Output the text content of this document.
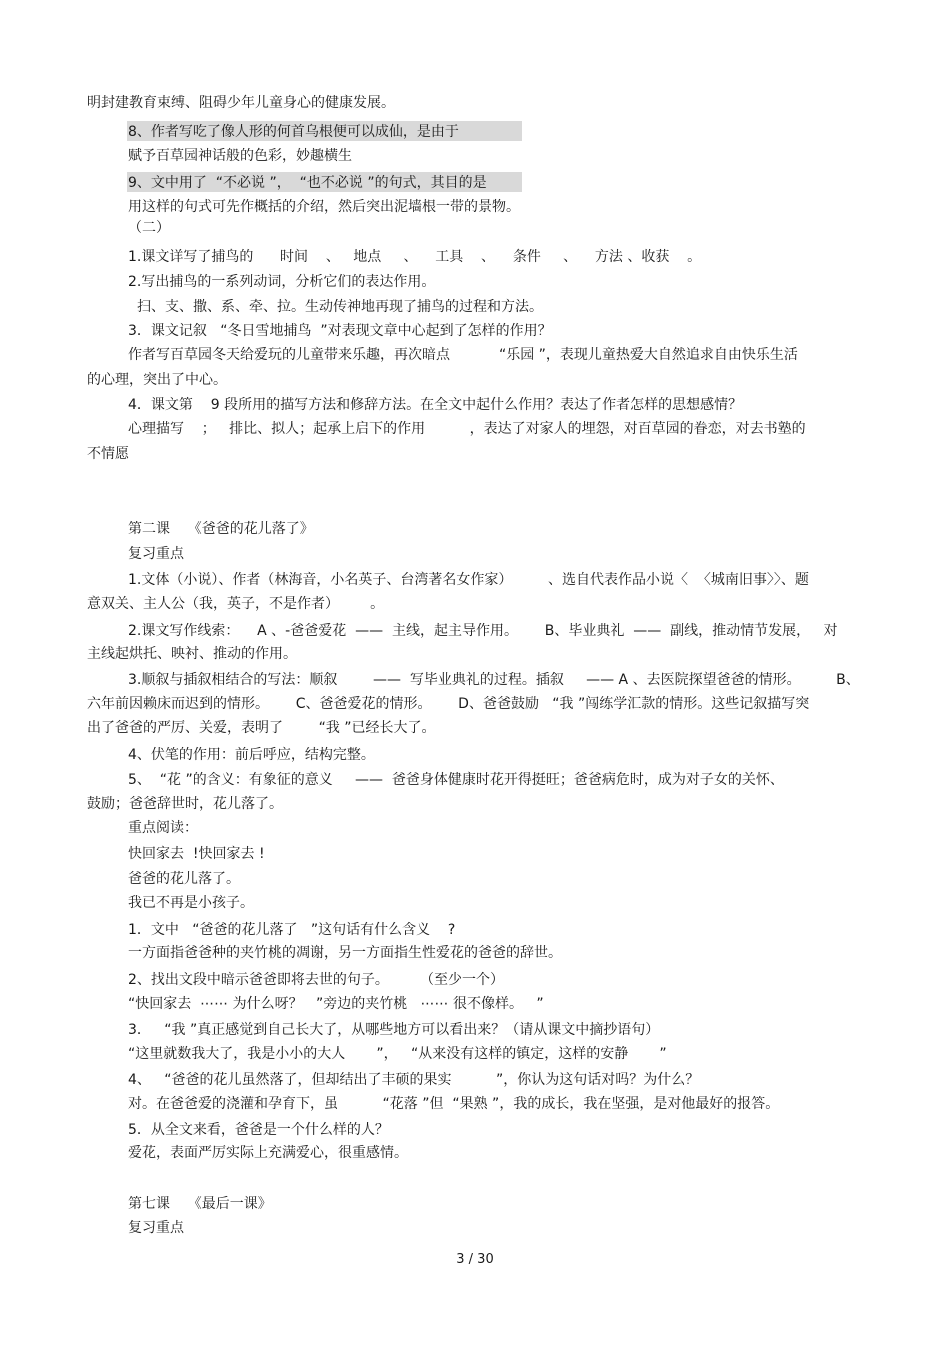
明封建教育束缚、阻碍少年儿童身心的健康发展。
8、作者写吃了像人形的何首乌根便可以成仙，是由于
赋予百草园神话般的色彩，妙趣横生
9、文中用了  “不必说 ”，  “也不必说 ”的句式，其目的是
用这样的句式可先作概括的介绍，然后突出泥墙根一带的景物。
（二）
1.课文详写了捕鸟的      时间    、   地点     、    工具    、    条件     、    方法 、收获    。
2.写出捕鸟的一系列动词，分析它们的表达作用。
扫、支、撒、系、牵、拉。生动传神地再现了捕鸟的过程和方法。
3．课文记叙   “冬日雪地捕鸟  ”对表现文章中心起到了怎样的作用？
作者写百草园冬天给爱玩的儿童带来乐趣，再次暗点           “乐园 ”，表现儿童热爱大自然追求自由快乐生活
的心理，突出了中心。
4．课文第    9 段所用的描写方法和修辞方法。在全文中起什么作用？表达了作者怎样的思想感情？
心理描写    ；   排比、拟人；起承上启下的作用          ，表达了对家人的埋怨，对百草园的眷恋，对去书塾的
不情愿
第二课    《爸爸的花儿落了》
复习重点
1.文体（小说）、作者（林海音，小名英子、台湾著名女作家）        、选自代表作品小说〈  〈城南旧事〉〉、题
意双关、主人公（我，英子，不是作者）       。
2.课文写作线索：    A 、-爸爸爱花  ——  主线，起主导作用。      B、毕业典礼  ——  副线，推动情节发展，   对
主线起烘托、映衬、推动的作用。
3.顺叙与插叙相结合的写法：顺叙        ——  写毕业典礼的过程。插叙     —— A 、去医院探望爸爸的情形。        B、
六年前因赖床而迟到的情形。      C、爸爸爱花的情形。      D、爸爸鼓励   “我 ”闯练学汇款的情形。这些记叙描写突
出了爸爸的严厉、关爱，表明了        “我 ”已经长大了。
4、伏笔的作用：前后呼应，结构完整。
5、  “花 ”的含义：有象征的意义     ——  爸爸身体健康时花开得挺旺；爸爸病危时，成为对子女的关怀、
鼓励；爸爸辞世时，花儿落了。
重点阅读：
快回家去  !快回家去 !
爸爸的花儿落了。
我已不再是小孩子。
1．文中   “爸爸的花儿落了   ”这句话有什么含义    ?
一方面指爸爸种的夹竹桃的凋谢，另一方面指生性爱花的爸爸的辞世。
2、找出文段中暗示爸爸即将去世的句子。       （至少一个）
“快回家去  ⋯⋯ 为什么呀？   ”旁边的夹竹桃   ⋯⋯ 很不像样。   ”
3．   “我 ”真正感觉到自己长大了，从哪些地方可以看出来？（请从课文中摘抄语句）
“这里就数我大了，我是小小的大人       ”，   “从来没有这样的镇定，这样的安静       ”
4、   “爸爸的花儿虽然落了，但却结出了丰硕的果实          ”，你认为这句话对吗？为什么？
对。在爸爸爱的浇灌和孕育下，虽          “花落 ”但  “果熟 ”，我的成长，我在坚强，是对他最好的报答。
5．从全文来看，爸爸是一个什么样的人？
爱花，表面严厉实际上充满爱心，很重感情。
第七课    《最后一课》
复习重点
3 / 30
